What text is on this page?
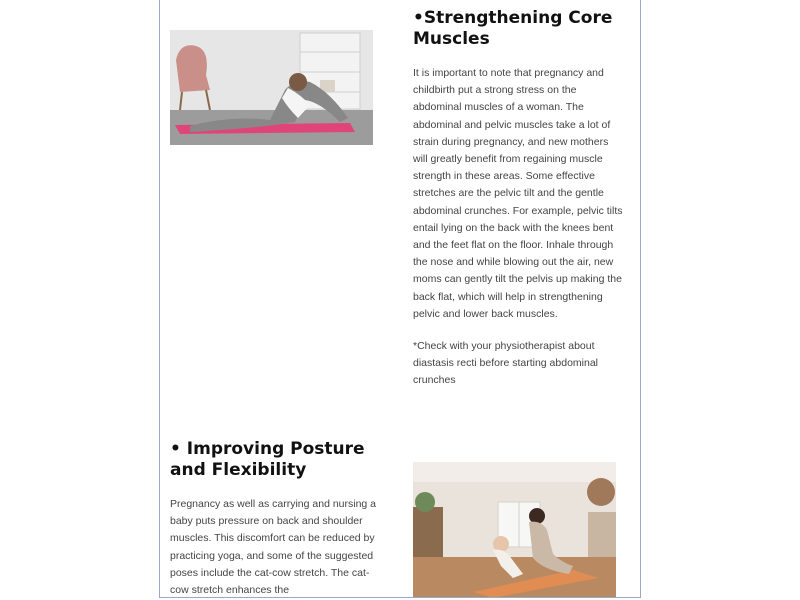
•Strengthening Core Muscles

It is important to note that pregnancy and childbirth put a strong stress on the abdominal muscles of a woman. The abdominal and pelvic muscles take a lot of strain during pregnancy, and new mothers will greatly benefit from regaining muscle strength in these areas. Some effective stretches are the pelvic tilt and the gentle abdominal crunches. For example, pelvic tilts entail lying on the back with the knees bent and the feet flat on the floor. Inhale through the nose and while blowing out the air, new moms can gently tilt the pelvis up making the back flat, which will help in strengthening pelvic and lower back muscles.

*Check with your physiotherapist about diastasis recti before starting abdominal crunches

• Improving Posture and Flexibility

Pregnancy as well as carrying and nursing a baby puts pressure on back and shoulder muscles. This discomfort can be reduced by practicing yoga, and some of the suggested poses include the cat-cow stretch. The cat-cow stretch enhances the
